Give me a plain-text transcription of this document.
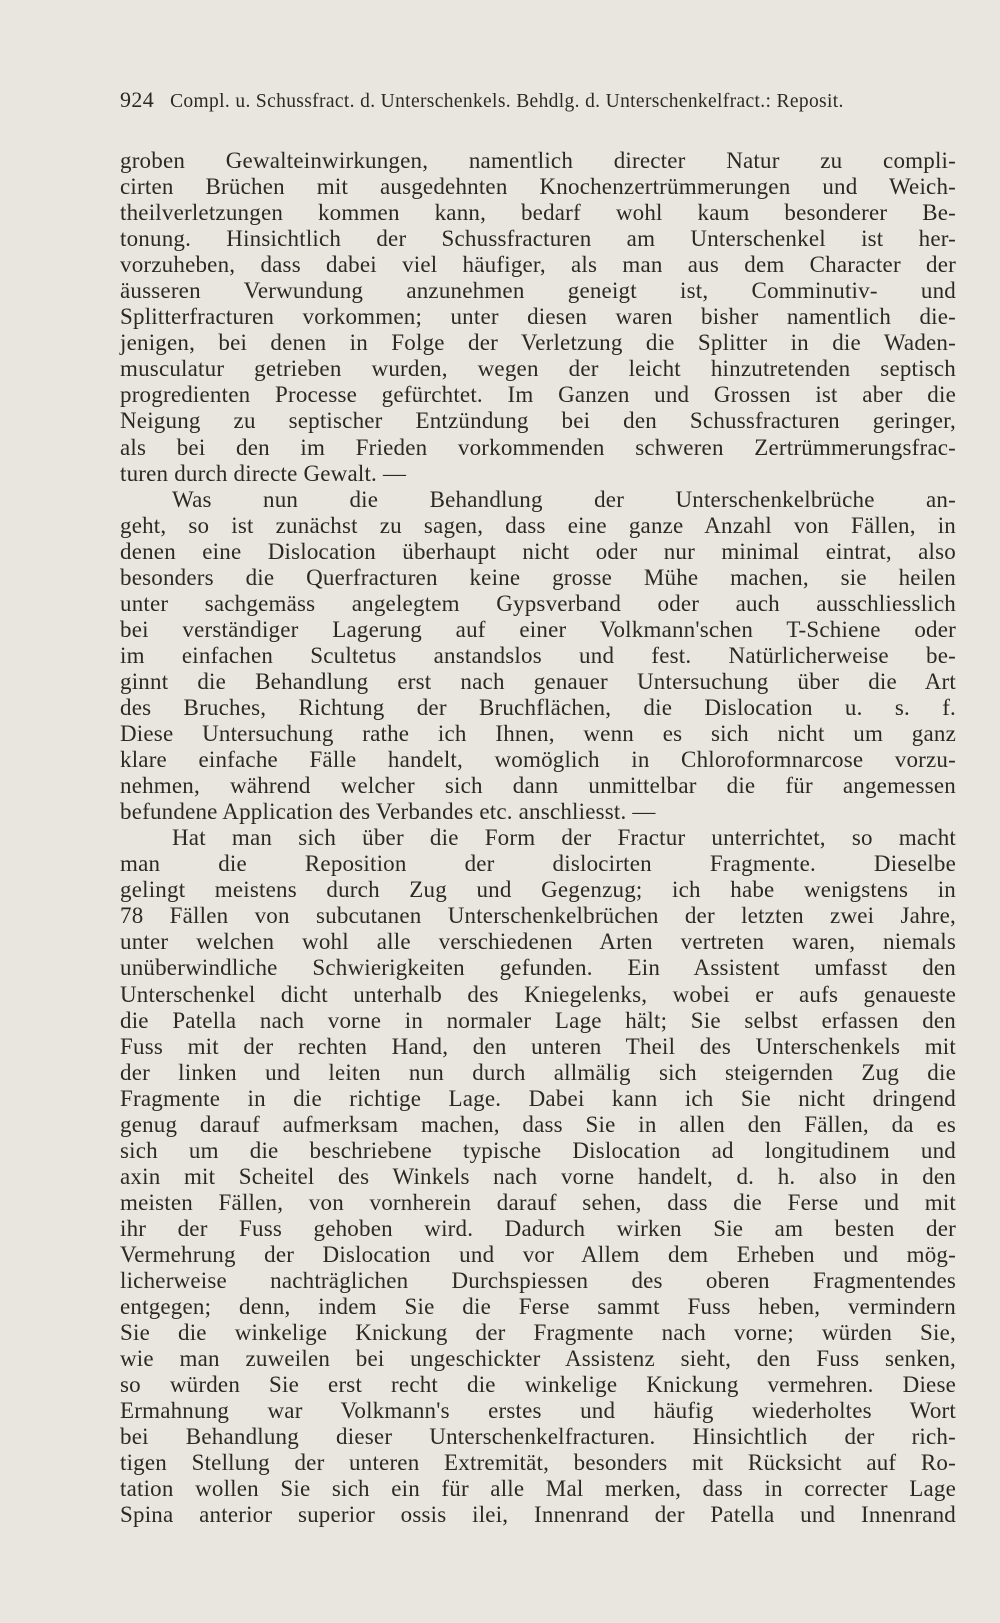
924 Compl. u. Schussfract. d. Unterschenkels. Behdlg. d. Unterschenkelfract.: Reposit.
groben Gewalteinwirkungen, namentlich directer Natur zu compli-
cirten Brüchen mit ausgedehnten Knochenzertrümmerungen und Weich-
theilverletzungen kommen kann, bedarf wohl kaum besonderer Be-
tonung. Hinsichtlich der Schussfracturen am Unterschenkel ist her-
vorzuheben, dass dabei viel häufiger, als man aus dem Character der
äusseren Verwundung anzunehmen geneigt ist, Comminutiv- und
Splitterfracturen vorkommen; unter diesen waren bisher namentlich die-
jenigen, bei denen in Folge der Verletzung die Splitter in die Waden-
musculatur getrieben wurden, wegen der leicht hinzutretenden septisch
progredienten Processe gefürchtet. Im Ganzen und Grossen ist aber die
Neigung zu septischer Entzündung bei den Schussfracturen geringer,
als bei den im Frieden vorkommenden schweren Zertrümmerungsfrac-
turen durch directe Gewalt. —
Was nun die Behandlung der Unterschenkelbrüche an-
geht, so ist zunächst zu sagen, dass eine ganze Anzahl von Fällen, in
denen eine Dislocation überhaupt nicht oder nur minimal eintrat, also
besonders die Querfracturen keine grosse Mühe machen, sie heilen
unter sachgemäss angelegtem Gypsverband oder auch ausschliesslich
bei verständiger Lagerung auf einer Volkmann'schen T-Schiene oder
im einfachen Scultetus anstandslos und fest. Natürlicherweise be-
ginnt die Behandlung erst nach genauer Untersuchung über die Art
des Bruches, Richtung der Bruchflächen, die Dislocation u. s. f.
Diese Untersuchung rathe ich Ihnen, wenn es sich nicht um ganz
klare einfache Fälle handelt, womöglich in Chloroformnarcose vorzu-
nehmen, während welcher sich dann unmittelbar die für angemessen
befundene Application des Verbandes etc. anschliesst. —
Hat man sich über die Form der Fractur unterrichtet, so macht
man die Reposition der dislocirten Fragmente. Dieselbe
gelingt meistens durch Zug und Gegenzug; ich habe wenigstens in
78 Fällen von subcutanen Unterschenkelbrüchen der letzten zwei Jahre,
unter welchen wohl alle verschiedenen Arten vertreten waren, niemals
unüberwindliche Schwierigkeiten gefunden. Ein Assistent umfasst den
Unterschenkel dicht unterhalb des Kniegelenks, wobei er aufs genaueste
die Patella nach vorne in normaler Lage hält; Sie selbst erfassen den
Fuss mit der rechten Hand, den unteren Theil des Unterschenkels mit
der linken und leiten nun durch allmälig sich steigernden Zug die
Fragmente in die richtige Lage. Dabei kann ich Sie nicht dringend
genug darauf aufmerksam machen, dass Sie in allen den Fällen, da es
sich um die beschriebene typische Dislocation ad longitudinem und
axin mit Scheitel des Winkels nach vorne handelt, d. h. also in den
meisten Fällen, von vornherein darauf sehen, dass die Ferse und mit
ihr der Fuss gehoben wird. Dadurch wirken Sie am besten der
Vermehrung der Dislocation und vor Allem dem Erheben und mög-
licherweise nachträglichen Durchspiessen des oberen Fragmentendes
entgegen; denn, indem Sie die Ferse sammt Fuss heben, vermindern
Sie die winkelige Knickung der Fragmente nach vorne; würden Sie,
wie man zuweilen bei ungeschickter Assistenz sieht, den Fuss senken,
so würden Sie erst recht die winkelige Knickung vermehren. Diese
Ermahnung war Volkmann's erstes und häufig wiederholtes Wort
bei Behandlung dieser Unterschenkelfracturen. Hinsichtlich der rich-
tigen Stellung der unteren Extremität, besonders mit Rücksicht auf Ro-
tation wollen Sie sich ein für alle Mal merken, dass in correcter Lage
Spina anterior superior ossis ilei, Innenrand der Patella und Innenrand
